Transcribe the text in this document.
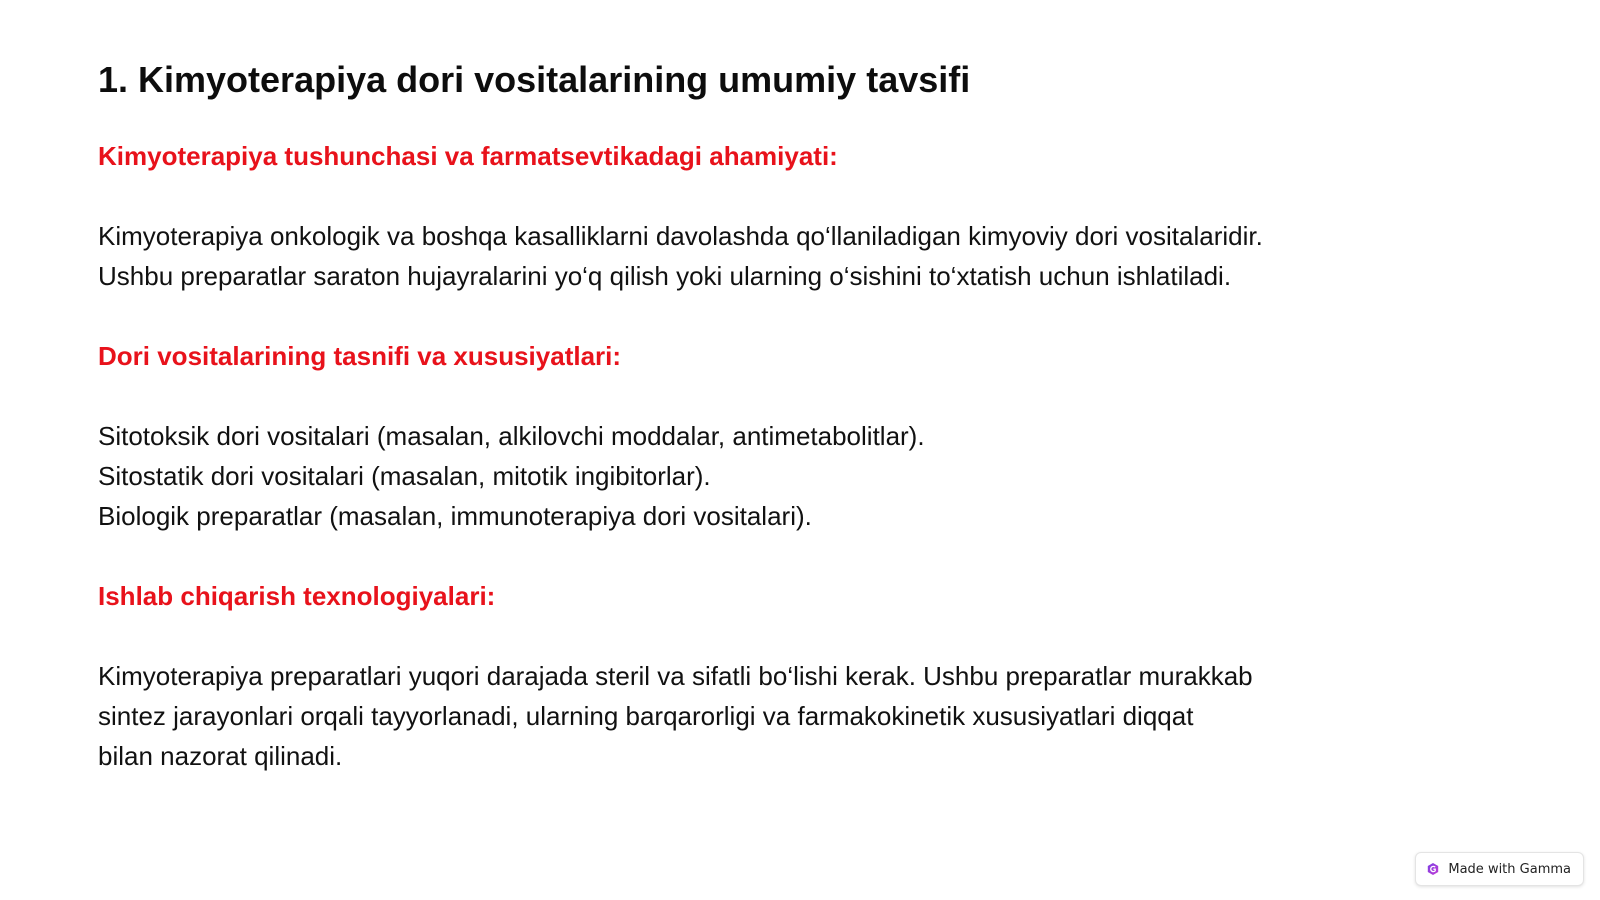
1. Kimyoterapiya dori vositalarining umumiy tavsifi
Kimyoterapiya tushunchasi va farmatsevtikadagi ahamiyati:

Kimyoterapiya onkologik va boshqa kasalliklarni davolashda qo‘llaniladigan kimyoviy dori vositalaridir.
Ushbu preparatlar saraton hujayralarini yo‘q qilish yoki ularning o‘sishini to‘xtatish uchun ishlatiladi.

Dori vositalarining tasnifi va xususiyatlari:

Sitotoksik dori vositalari (masalan, alkilovchi moddalar, antimetabolitlar).
Sitostatik dori vositalari (masalan, mitotik ingibitorlar).
Biologik preparatlar (masalan, immunoterapiya dori vositalari).

Ishlab chiqarish texnologiyalari:

Kimyoterapiya preparatlari yuqori darajada steril va sifatli bo‘lishi kerak. Ushbu preparatlar murakkab
sintez jarayonlari orqali tayyorlanadi, ularning barqarorligi va farmakokinetik xususiyatlari diqqat
bilan nazorat qilinadi.

Made with Gamma
